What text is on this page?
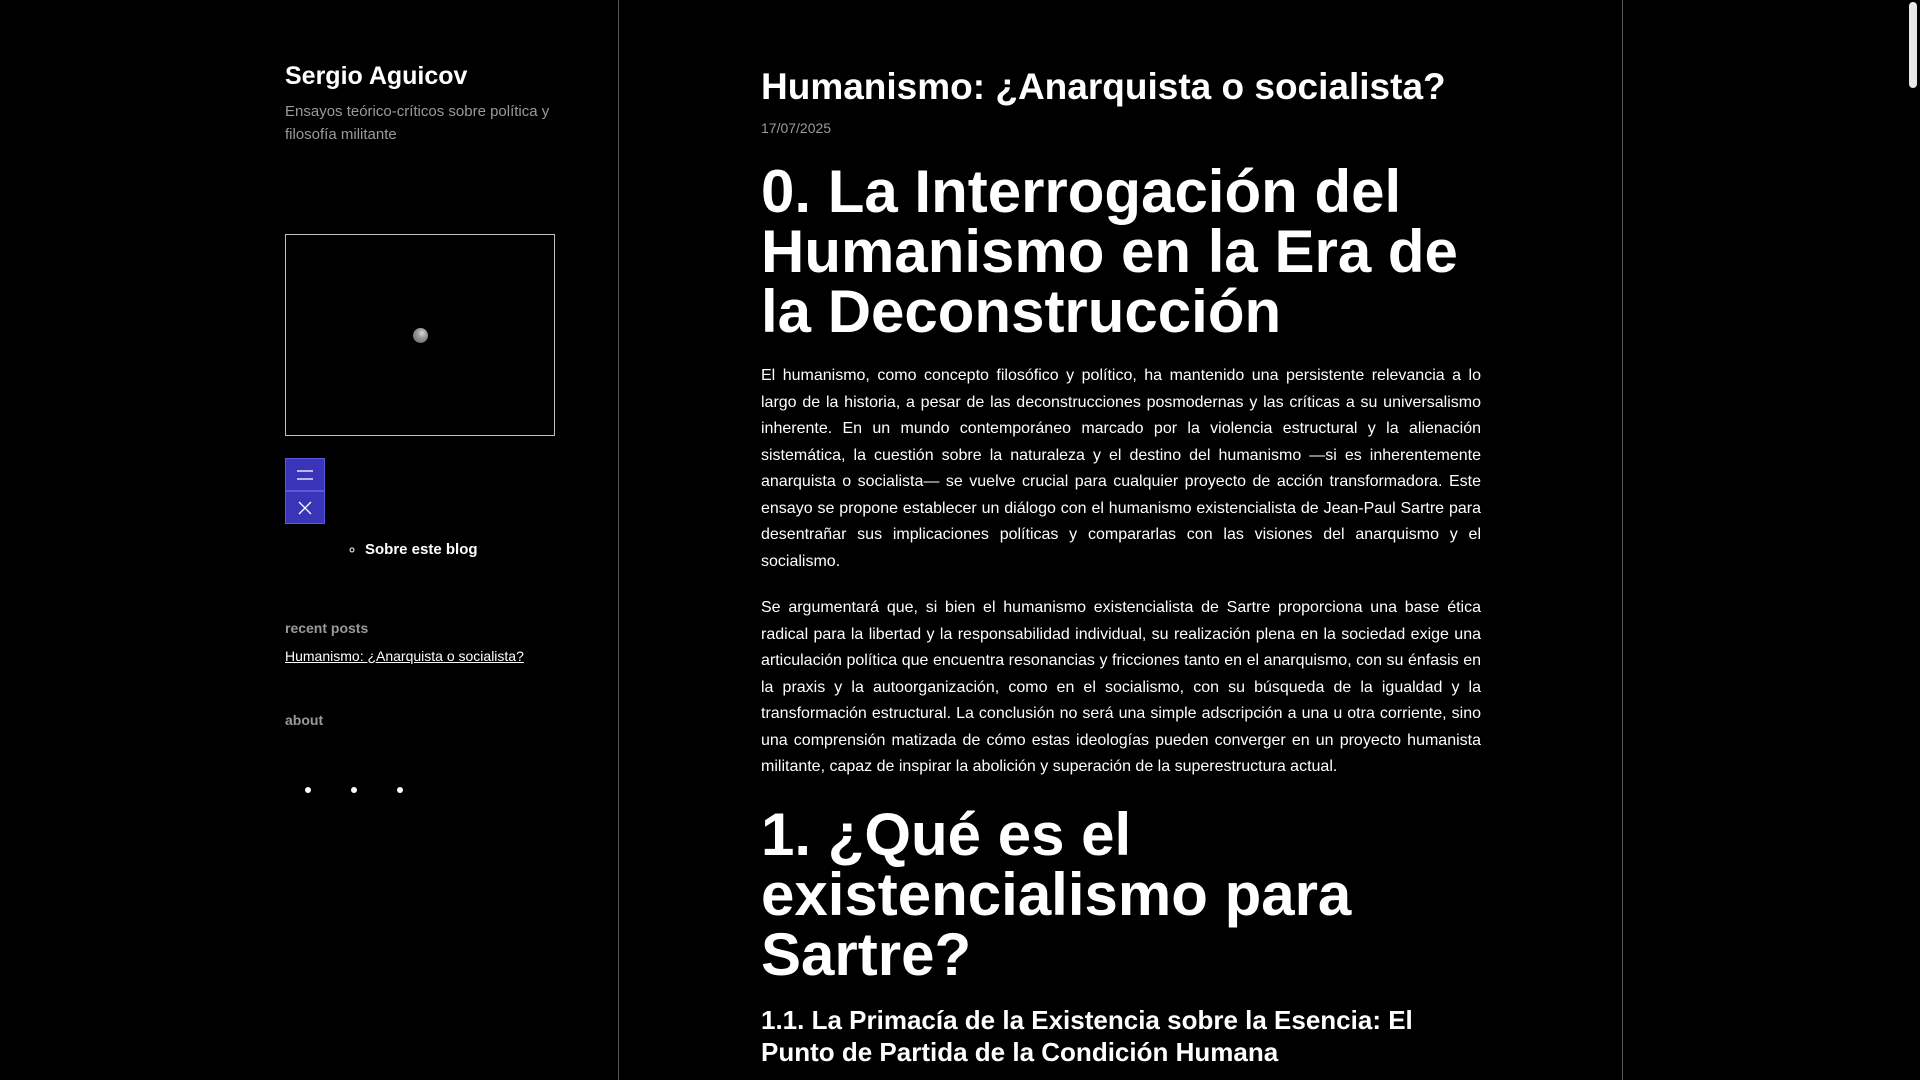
Sergio Aguicov

Ensayos teórico-críticos sobre política y filosofía militante

◦ Sobre este blog
recent posts
Humanismo: ¿Anarquista o socialista?
about
Humanismo: ¿Anarquista o socialista?
17/07/2025
0. La Interrogación del Humanismo en la Era de la Deconstrucción

El humanismo, como concepto filosófico y político, ha mantenido una persistente relevancia a lo largo de la historia, a pesar de las deconstrucciones posmodernas y las críticas a su universalismo inherente. En un mundo contemporáneo marcado por la violencia estructural y la alienación sistemática, la cuestión sobre la naturaleza y el destino del humanismo —si es inherentemente anarquista o socialista— se vuelve crucial para cualquier proyecto de acción transformadora. Este ensayo se propone establecer un diálogo con el humanismo existencialista de Jean-Paul Sartre para desentrañar sus implicaciones políticas y compararlas con las visiones del anarquismo y el socialismo.

Se argumentará que, si bien el humanismo existencialista de Sartre proporciona una base ética radical para la libertad y la responsabilidad individual, su realización plena en la sociedad exige una articulación política que encuentra resonancias y fricciones tanto en el anarquismo, con su énfasis en la praxis y la autoorganización, como en el socialismo, con su búsqueda de la igualdad y la transformación estructural. La conclusión no será una simple adscripción a una u otra corriente, sino una comprensión matizada de cómo estas ideologías pueden converger en un proyecto humanista militante, capaz de inspirar la abolición y superación de la superestructura actual.

1. ¿Qué es el existencialismo para Sartre?
1.1. La Primacía de la Existencia sobre la Esencia: El Punto de Partida de la Condición Humana
